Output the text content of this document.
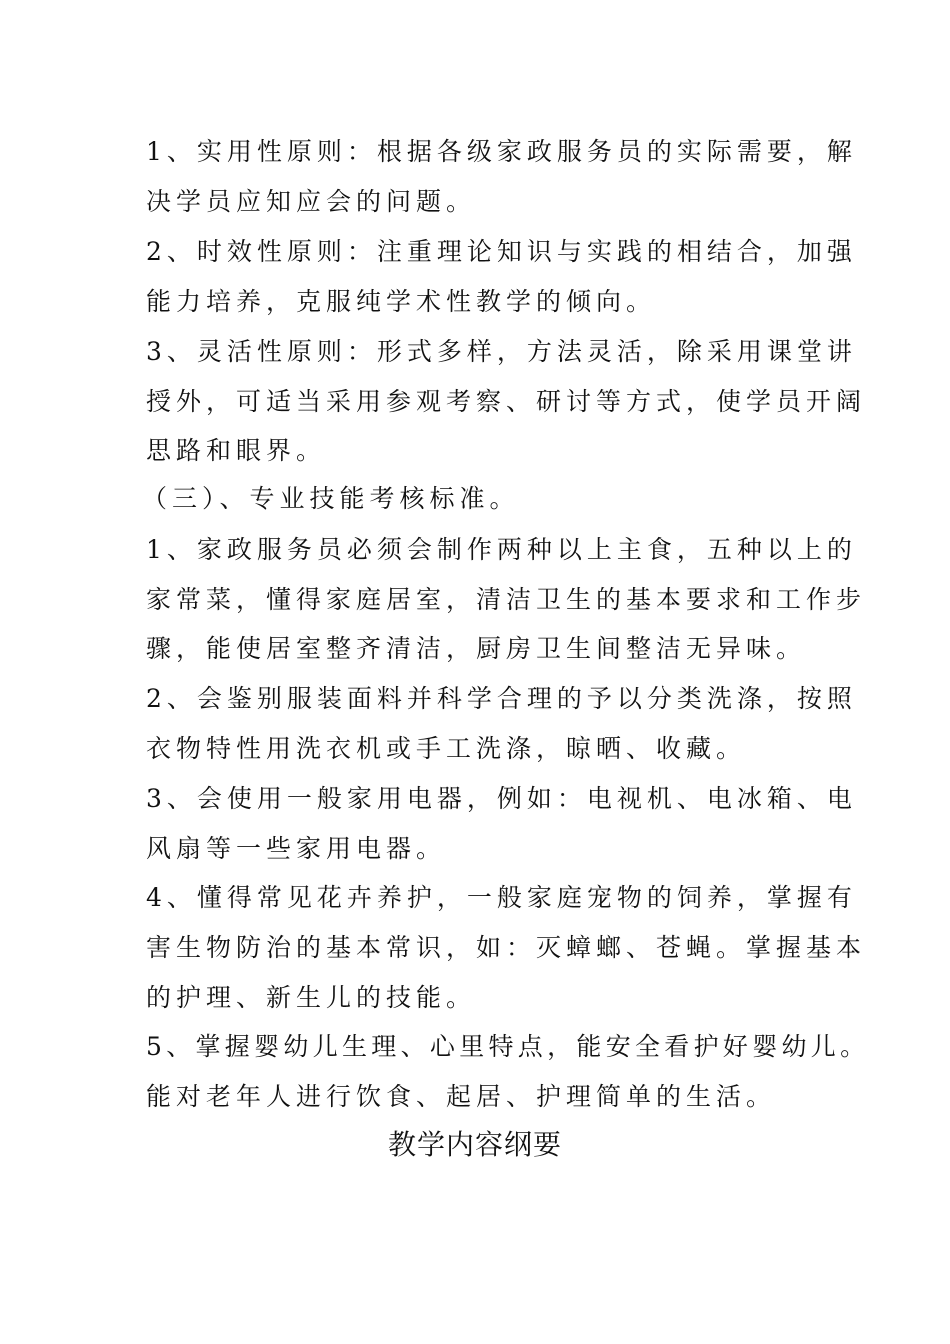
1、实用性原则：根据各级家政服务员的实际需要，解
决学员应知应会的问题。
2、时效性原则：注重理论知识与实践的相结合，加强
能力培养，克服纯学术性教学的倾向。
3、灵活性原则：形式多样，方法灵活，除采用课堂讲
授外，可适当采用参观考察、研讨等方式，使学员开阔
思路和眼界。
（三）、专业技能考核标准。
1、家政服务员必须会制作两种以上主食，五种以上的
家常菜，懂得家庭居室，清洁卫生的基本要求和工作步
骤，能使居室整齐清洁，厨房卫生间整洁无异味。
2、会鉴别服装面料并科学合理的予以分类洗涤，按照
衣物特性用洗衣机或手工洗涤，晾晒、收藏。
3、会使用一般家用电器，例如：电视机、电冰箱、电
风扇等一些家用电器。
4、懂得常见花卉养护，一般家庭宠物的饲养，掌握有
害生物防治的基本常识，如：灭蟑螂、苍蝇。掌握基本
的护理、新生儿的技能。
5、掌握婴幼儿生理、心里特点，能安全看护好婴幼儿。
能对老年人进行饮食、起居、护理简单的生活。
教学内容纲要
